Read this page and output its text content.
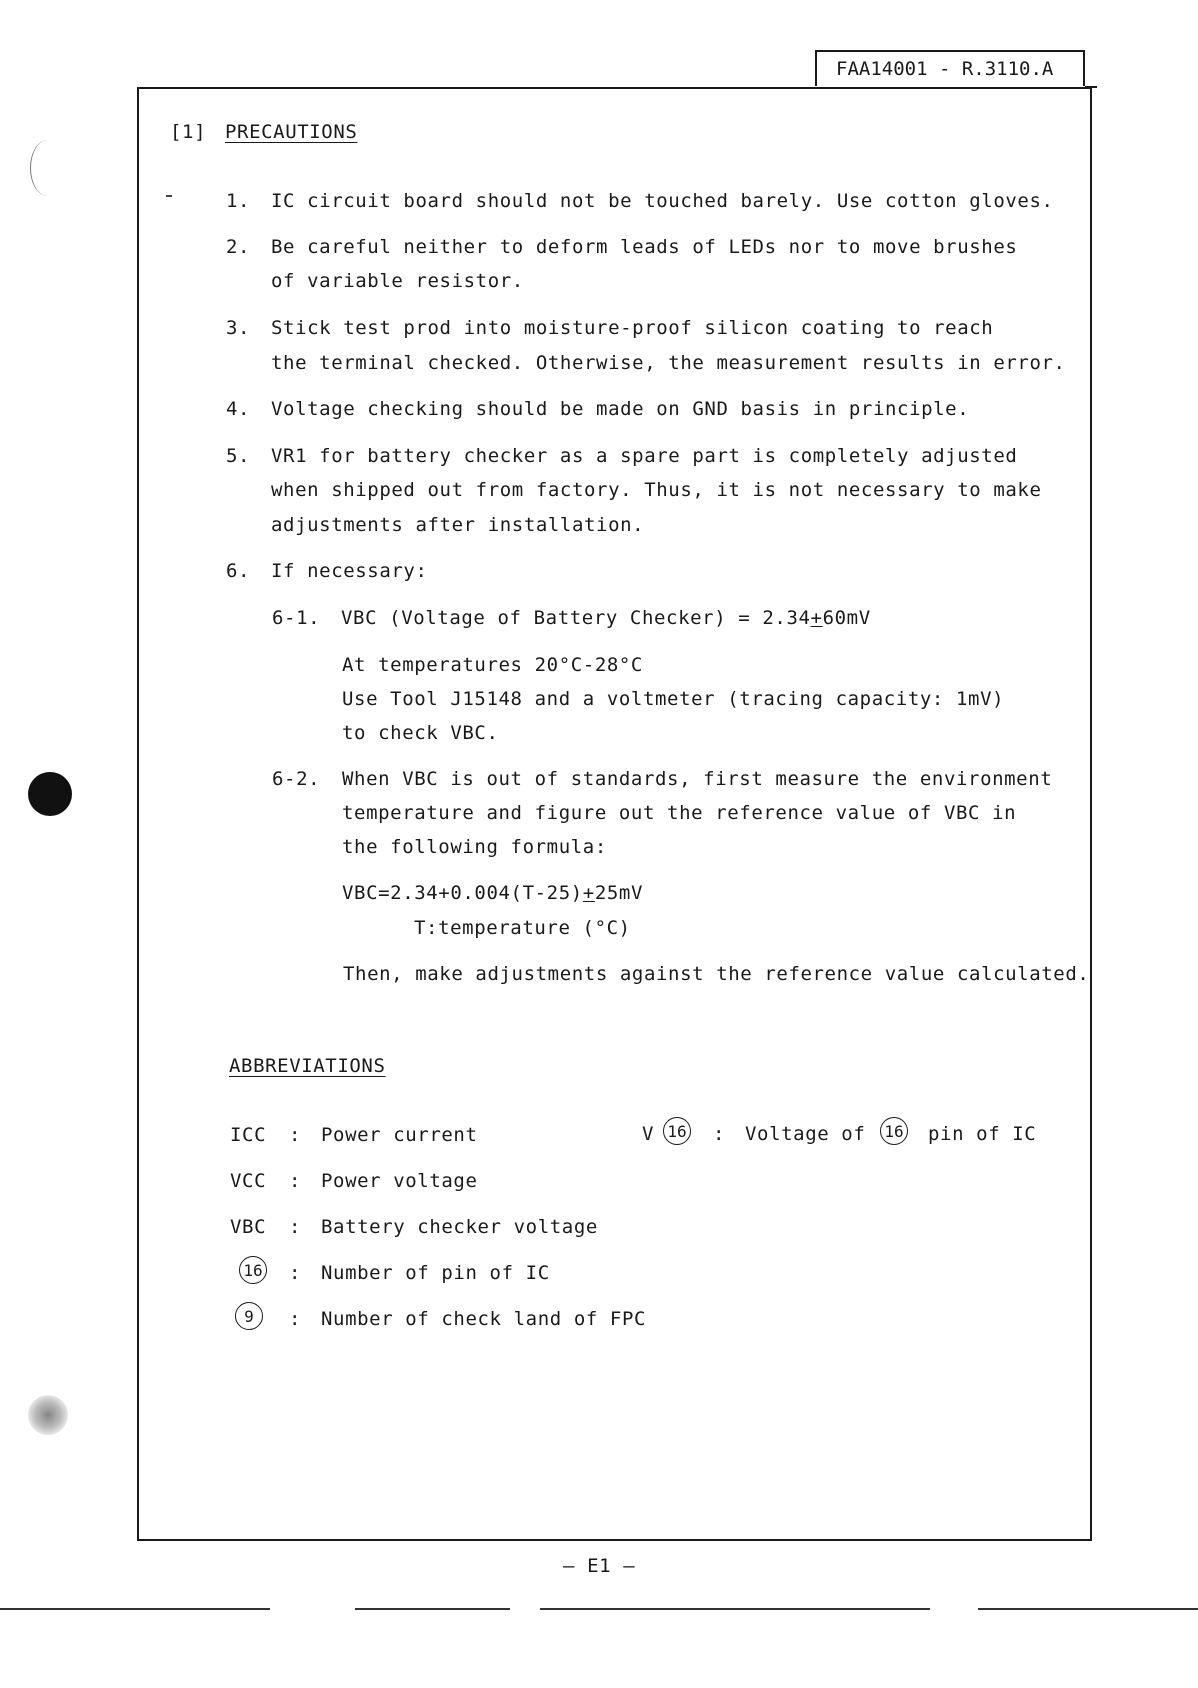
FAA14001 - R.3110.A
[1] PRECAUTIONS
1. IC circuit board should not be touched barely. Use cotton gloves.
2. Be careful neither to deform leads of LEDs nor to move brushes
of variable resistor.
3. Stick test prod into moisture-proof silicon coating to reach
the terminal checked. Otherwise, the measurement results in error.
4. Voltage checking should be made on GND basis in principle.
5. VR1 for battery checker as a spare part is completely adjusted
when shipped out from factory. Thus, it is not necessary to make
adjustments after installation.
6. If necessary:
6-1. VBC (Voltage of Battery Checker) = 2.34+60mV
At temperatures 20°C-28°C
Use Tool J15148 and a voltmeter (tracing capacity: 1mV)
to check VBC.
6-2. When VBC is out of standards, first measure the environment
temperature and figure out the reference value of VBC in
the following formula:
VBC=2.34+0.004(T-25)+25mV
T:temperature (°C)
Then, make adjustments against the reference value calculated.
ABBREVIATIONS
ICC : Power current
VCC : Power voltage
VBC : Battery checker voltage
16 : Number of pin of IC
9	: Number of check land of FPC
V 16 : Voltage of 16 pin of IC
— E1 —
